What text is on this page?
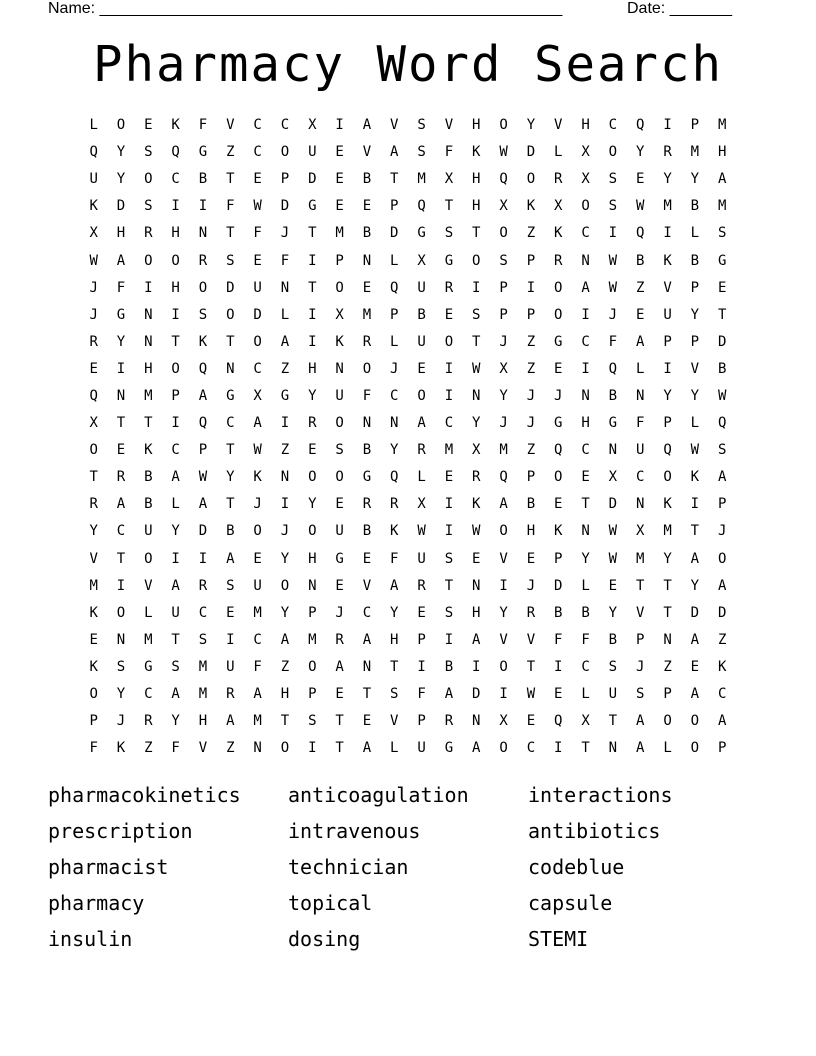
Name: ____________________________________________________	Date: _______
Pharmacy Word Search
L	O	E	K	F	V	C	C	X	I	A	V	S	V	H	O	Y	V	H	C	Q	I	P	M
Q	Y	S	Q	G	Z	C	O	U	E	V	A	S	F	K	W	D	L	X	O	Y	R	M	H
U	Y	O	C	B	T	E	P	D	E	B	T	M	X	H	Q	O	R	X	S	E	Y	Y	A
K	D	S	I	I	F	W	D	G	E	E	P	Q	T	H	X	K	X	O	S	W	M	B	M
X	H	R	H	N	T	F	J	T	M	B	D	G	S	T	O	Z	K	C	I	Q	I	L	S
W	A	O	O	R	S	E	F	I	P	N	L	X	G	O	S	P	R	N	W	B	K	B	G
J	F	I	H	O	D	U	N	T	O	E	Q	U	R	I	P	I	O	A	W	Z	V	P	E
J	G	N	I	S	O	D	L	I	X	M	P	B	E	S	P	P	O	I	J	E	U	Y	T
R	Y	N	T	K	T	O	A	I	K	R	L	U	O	T	J	Z	G	C	F	A	P	P	D
E	I	H	O	Q	N	C	Z	H	N	O	J	E	I	W	X	Z	E	I	Q	L	I	V	B
Q	N	M	P	A	G	X	G	Y	U	F	C	O	I	N	Y	J	J	N	B	N	Y	Y	W
X	T	T	I	Q	C	A	I	R	O	N	N	A	C	Y	J	J	G	H	G	F	P	L	Q
O	E	K	C	P	T	W	Z	E	S	B	Y	R	M	X	M	Z	Q	C	N	U	Q	W	S
T	R	B	A	W	Y	K	N	O	O	G	Q	L	E	R	Q	P	O	E	X	C	O	K	A
R	A	B	L	A	T	J	I	Y	E	R	R	X	I	K	A	B	E	T	D	N	K	I	P
Y	C	U	Y	D	B	O	J	O	U	B	K	W	I	W	O	H	K	N	W	X	M	T	J
V	T	O	I	I	A	E	Y	H	G	E	F	U	S	E	V	E	P	Y	W	M	Y	A	O
M	I	V	A	R	S	U	O	N	E	V	A	R	T	N	I	J	D	L	E	T	T	Y	A
K	O	L	U	C	E	M	Y	P	J	C	Y	E	S	H	Y	R	B	B	Y	V	T	D	D
E	N	M	T	S	I	C	A	M	R	A	H	P	I	A	V	V	F	F	B	P	N	A	Z
K	S	G	S	M	U	F	Z	O	A	N	T	I	B	I	O	T	I	C	S	J	Z	E	K
O	Y	C	A	M	R	A	H	P	E	T	S	F	A	D	I	W	E	L	U	S	P	A	C
P	J	R	Y	H	A	M	T	S	T	E	V	P	R	N	X	E	Q	X	T	A	O	O	A
F	K	Z	F	V	Z	N	O	I	T	A	L	U	G	A	O	C	I	T	N	A	L	O	P
pharmacokinetics	anticoagulation	interactions
prescription	intravenous	antibiotics
pharmacist	technician	codeblue
pharmacy	topical	capsule
insulin	dosing	STEMI
